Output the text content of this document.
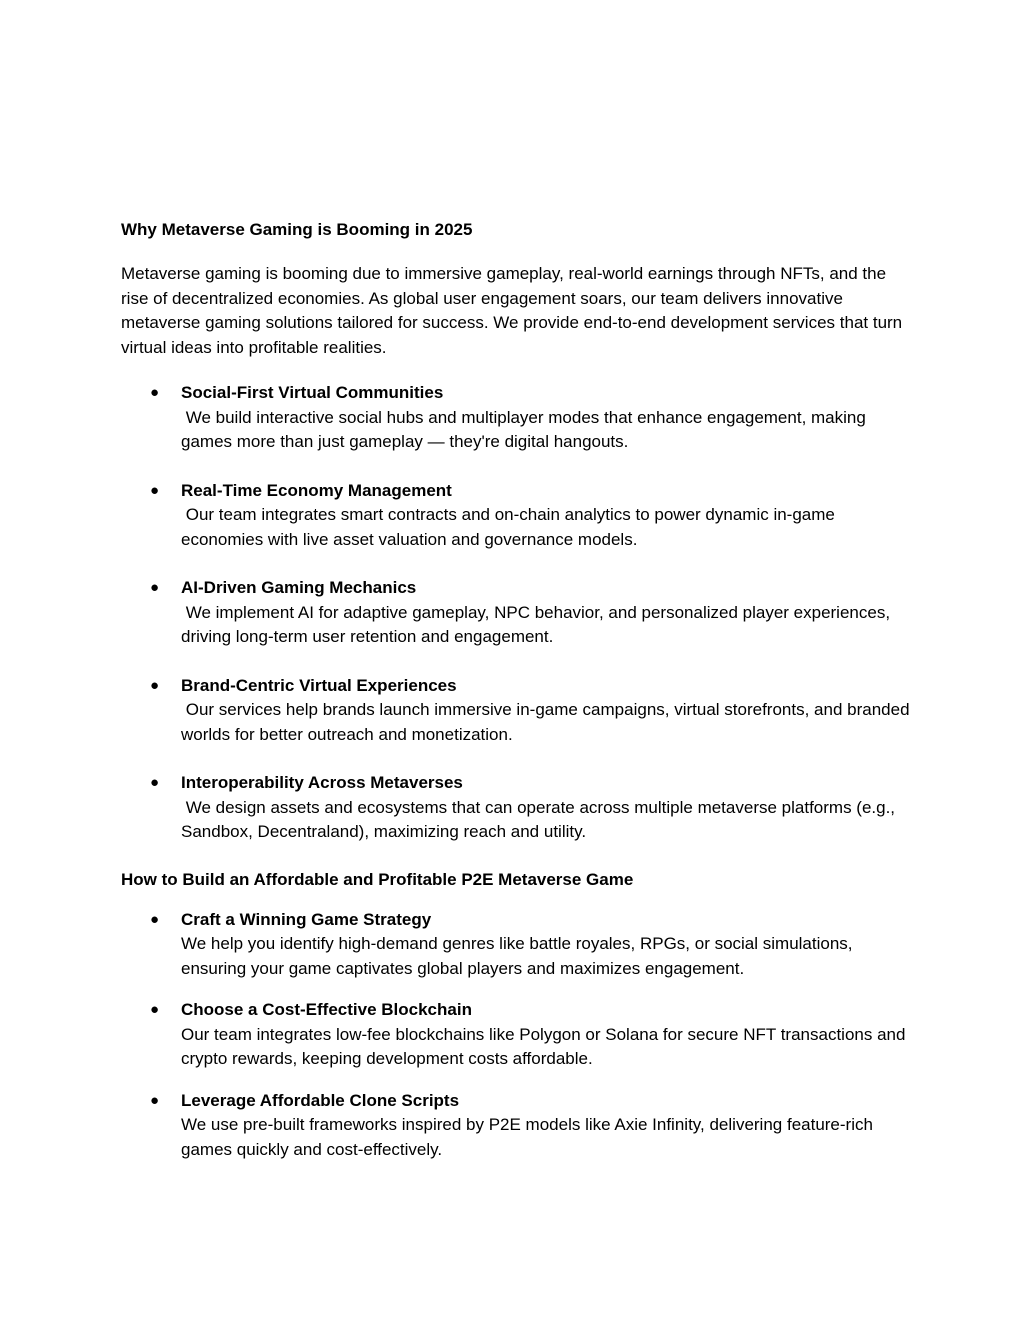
Why Metaverse Gaming is Booming in 2025

Metaverse gaming is booming due to immersive gameplay, real-world earnings through NFTs, and the rise of decentralized economies. As global user engagement soars, our team delivers innovative metaverse gaming solutions tailored for success. We provide end-to-end development services that turn virtual ideas into profitable realities.

● Social-First Virtual Communities
We build interactive social hubs and multiplayer modes that enhance engagement, making games more than just gameplay — they're digital hangouts.
● Real-Time Economy Management
Our team integrates smart contracts and on-chain analytics to power dynamic in-game economies with live asset valuation and governance models.
● AI-Driven Gaming Mechanics
We implement AI for adaptive gameplay, NPC behavior, and personalized player experiences, driving long-term user retention and engagement.
● Brand-Centric Virtual Experiences
Our services help brands launch immersive in-game campaigns, virtual storefronts, and branded worlds for better outreach and monetization.
● Interoperability Across Metaverses
We design assets and ecosystems that can operate across multiple metaverse platforms (e.g., Sandbox, Decentraland), maximizing reach and utility.
How to Build an Affordable and Profitable P2E Metaverse Game
● Craft a Winning Game Strategy
We help you identify high-demand genres like battle royales, RPGs, or social simulations, ensuring your game captivates global players and maximizes engagement.
● Choose a Cost-Effective Blockchain
Our team integrates low-fee blockchains like Polygon or Solana for secure NFT transactions and crypto rewards, keeping development costs affordable.
● Leverage Affordable Clone Scripts
We use pre-built frameworks inspired by P2E models like Axie Infinity, delivering feature-rich games quickly and cost-effectively.
